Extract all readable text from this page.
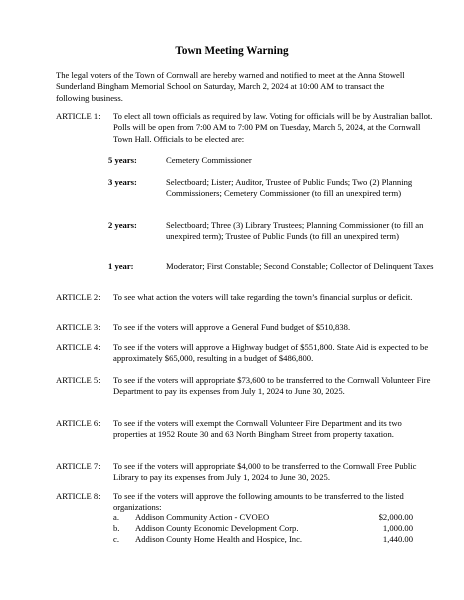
Town Meeting Warning
The legal voters of the Town of Cornwall are hereby warned and notified to meet at the Anna Stowell Sunderland Bingham Memorial School on Saturday, March 2, 2024 at 10:00 AM to transact the following business.
ARTICLE 1: To elect all town officials as required by law. Voting for officials will be by Australian ballot. Polls will be open from 7:00 AM to 7:00 PM on Tuesday, March 5, 2024, at the Cornwall Town Hall. Officials to be elected are:
5 years:	Cemetery Commissioner
3 years:	Selectboard; Lister; Auditor, Trustee of Public Funds; Two (2) Planning Commissioners; Cemetery Commissioner (to fill an unexpired term)
2 years:	Selectboard; Three (3) Library Trustees; Planning Commissioner (to fill an unexpired term); Trustee of Public Funds (to fill an unexpired term)
1 year:	Moderator; First Constable; Second Constable; Collector of Delinquent Taxes
ARTICLE 2: To see what action the voters will take regarding the town’s financial surplus or deficit.
ARTICLE 3: To see if the voters will approve a General Fund budget of $510,838.
ARTICLE 4: To see if the voters will approve a Highway budget of $551,800. State Aid is expected to be approximately $65,000, resulting in a budget of $486,800.
ARTICLE 5: To see if the voters will appropriate $73,600 to be transferred to the Cornwall Volunteer Fire Department to pay its expenses from July 1, 2024 to June 30, 2025.
ARTICLE 6: To see if the voters will exempt the Cornwall Volunteer Fire Department and its two properties at 1952 Route 30 and 63 North Bingham Street from property taxation.
ARTICLE 7: To see if the voters will appropriate $4,000 to be transferred to the Cornwall Free Public Library to pay its expenses from July 1, 2024 to June 30, 2025.
ARTICLE 8: To see if the voters will approve the following amounts to be transferred to the listed organizations:
a. Addison Community Action - CVOEO	$2,000.00
b. Addison County Economic Development Corp.	1,000.00
c. Addison County Home Health and Hospice, Inc.	1,440.00
